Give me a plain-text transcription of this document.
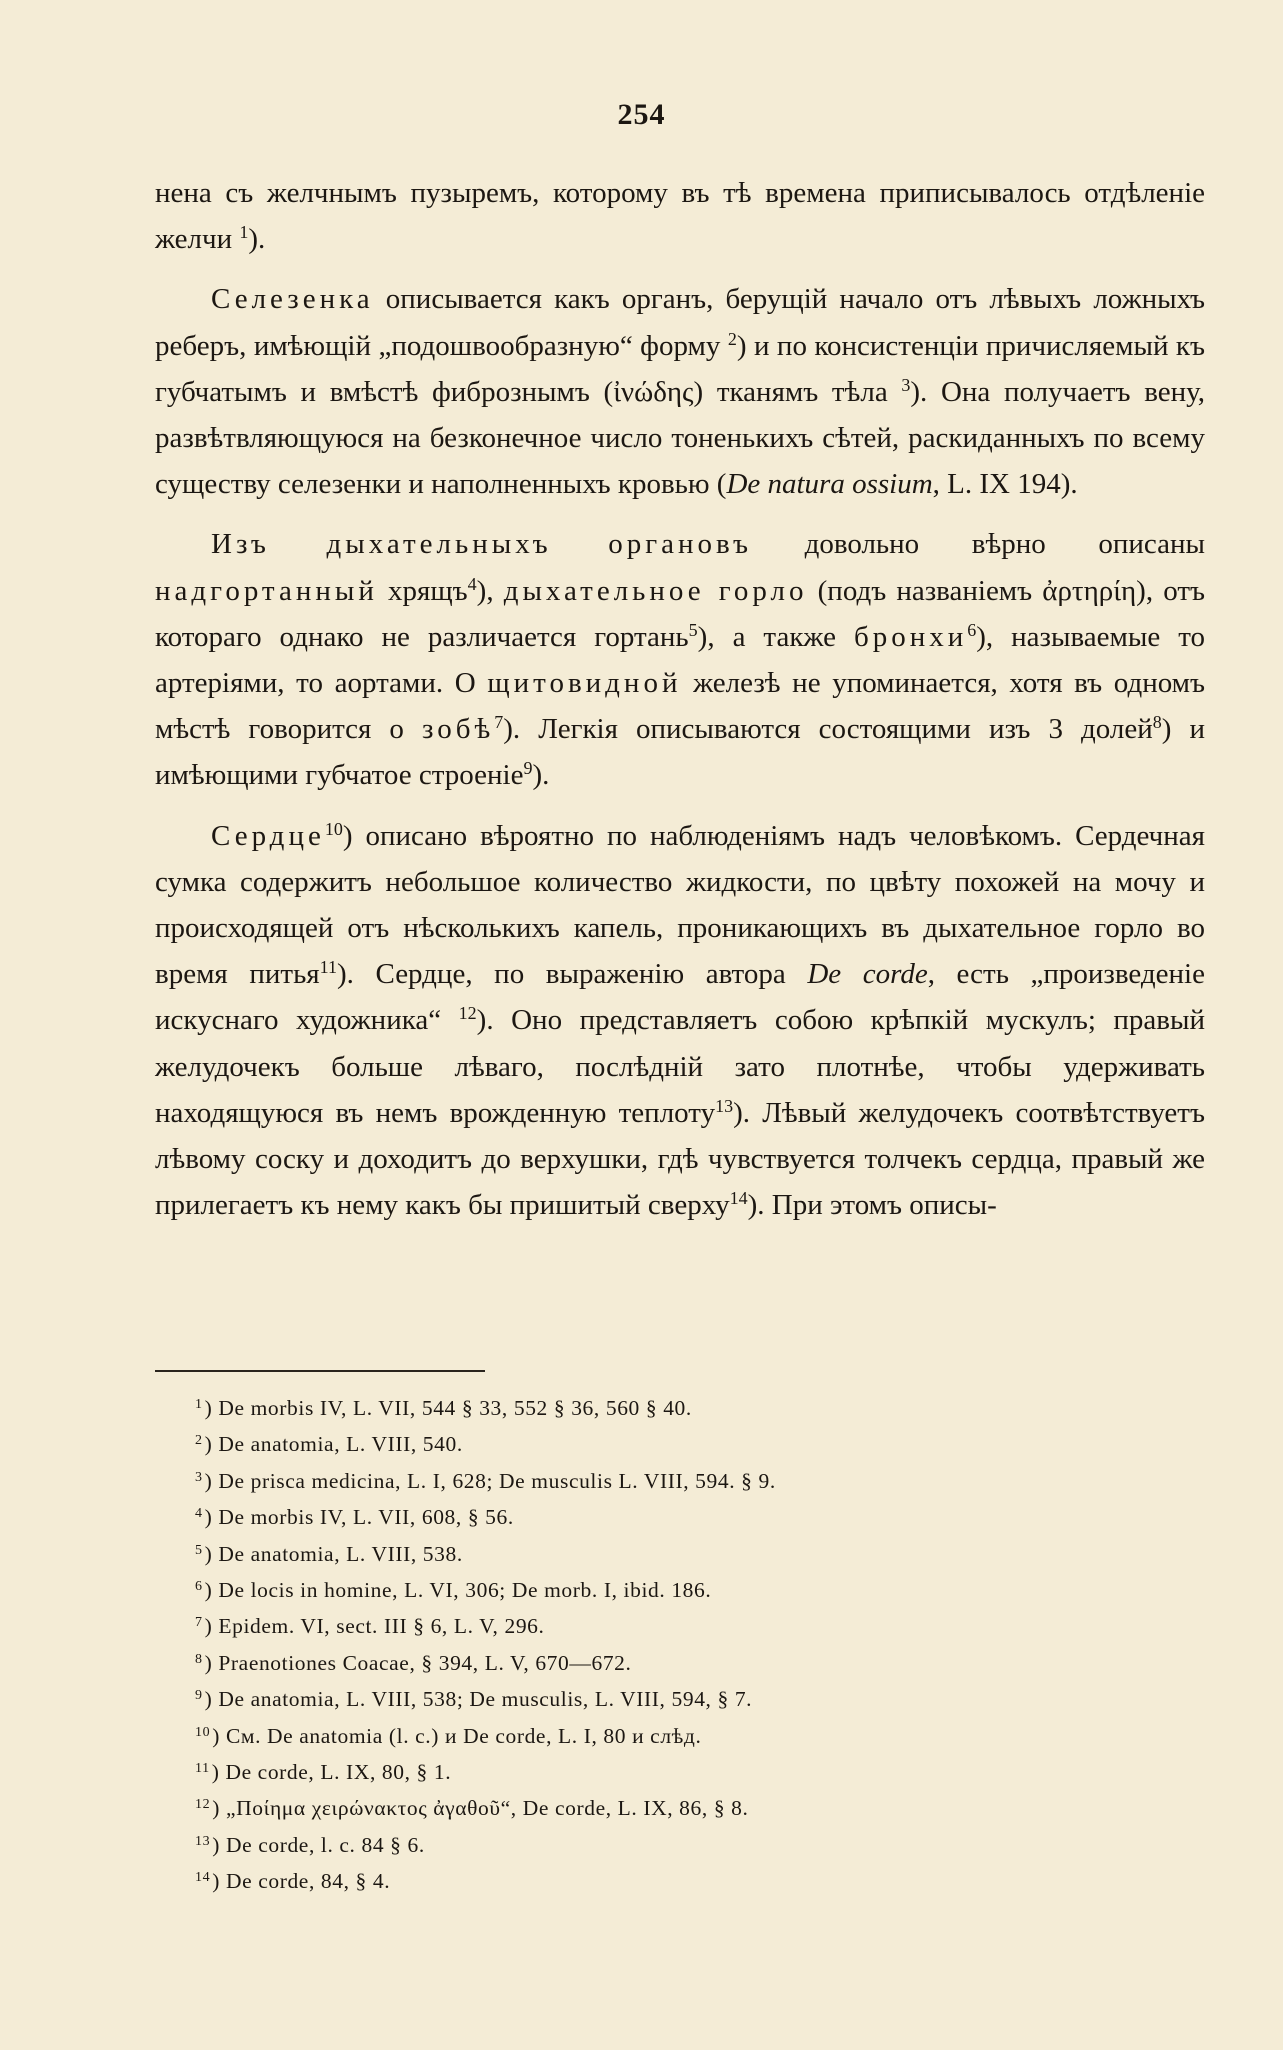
254

нена съ желчнымъ пузыремъ, которому въ тѣ времена приписывалось отдѣленіе желчи $^1$).

Селезенка описывается какъ органъ, берущій начало отъ лѣвыхъ ложныхъ реберъ, имѣющій „подошвообразную“ форму $^2$) и по консистенціи причисляемый къ губчатымъ и вмѣстѣ фибрознымъ (ἰνώδης) тканямъ тѣла $^3$). Она получаетъ вену, развѣтвляющуюся на безконечное число тоненькихъ сѣтей, раскиданныхъ по всему существу селезенки и наполненныхъ кровью (De natura ossium, L. IX 194).

Изъ дыхательныхъ органовъ довольно вѣрно описаны надгортанный хрящъ$^4$), дыхательное горло (подъ названіемъ ἀρτηρίη), отъ котораго однако не различается гортань$^5$), а также бронхи$^6$), называемые то артеріями, то аортами. О щитовидной железѣ не упоминается, хотя въ одномъ мѣстѣ говорится о зобѣ$^7$). Легкія описываются состоящими изъ 3 долей$^8$) и имѣющими губчатое строеніе$^9$).

Сердце$^{10}$) описано вѣроятно по наблюденіямъ надъ человѣкомъ. Сердечная сумка содержитъ небольшое количество жидкости, по цвѣту похожей на мочу и происходящей отъ нѣсколькихъ капель, проникающихъ въ дыхательное горло во время питья$^{11}$). Сердце, по выраженію автора De corde, есть „произведеніе искуснаго художника“ $^{12}$). Оно представляетъ собою крѣпкій мускулъ; правый желудочекъ больше лѣваго, послѣдній зато плотнѣе, чтобы удерживать находящуюся въ немъ врожденную теплоту$^{13}$). Лѣвый желудочекъ соотвѣтствуетъ лѣвому соску и доходитъ до верхушки, гдѣ чувствуется толчекъ сердца, правый же прилегаетъ къ нему какъ бы пришитый сверху$^{14}$). При этомъ описы-

$^1$) De morbis IV, L. VII, 544 § 33, 552 § 36, 560 § 40.
$^2$) De anatomia, L. VIII, 540.
$^3$) De prisca medicina, L. I, 628; De musculis L. VIII, 594. § 9.
$^4$) De morbis IV, L. VII, 608, § 56.
$^5$) De anatomia, L. VIII, 538.
$^6$) De locis in homine, L. VI, 306; De morb. I, ibid. 186.
$^7$) Epidem. VI, sect. III § 6, L. V, 296.
$^8$) Praenotiones Coacae, § 394, L. V, 670—672.
$^9$) De anatomia, L. VIII, 538; De musculis, L. VIII, 594, § 7.
$^{10}$) См. De anatomia (l. c.) и De corde, L. I, 80 и слѣд.
$^{11}$) De corde, L. IX, 80, § 1.
$^{12}$) „Ποίημα χειρώνακτος ἀγαθοῦ“, De corde, L. IX, 86, § 8.
$^{13}$) De corde, l. c. 84 § 6.
$^{14}$) De corde, 84, § 4.
